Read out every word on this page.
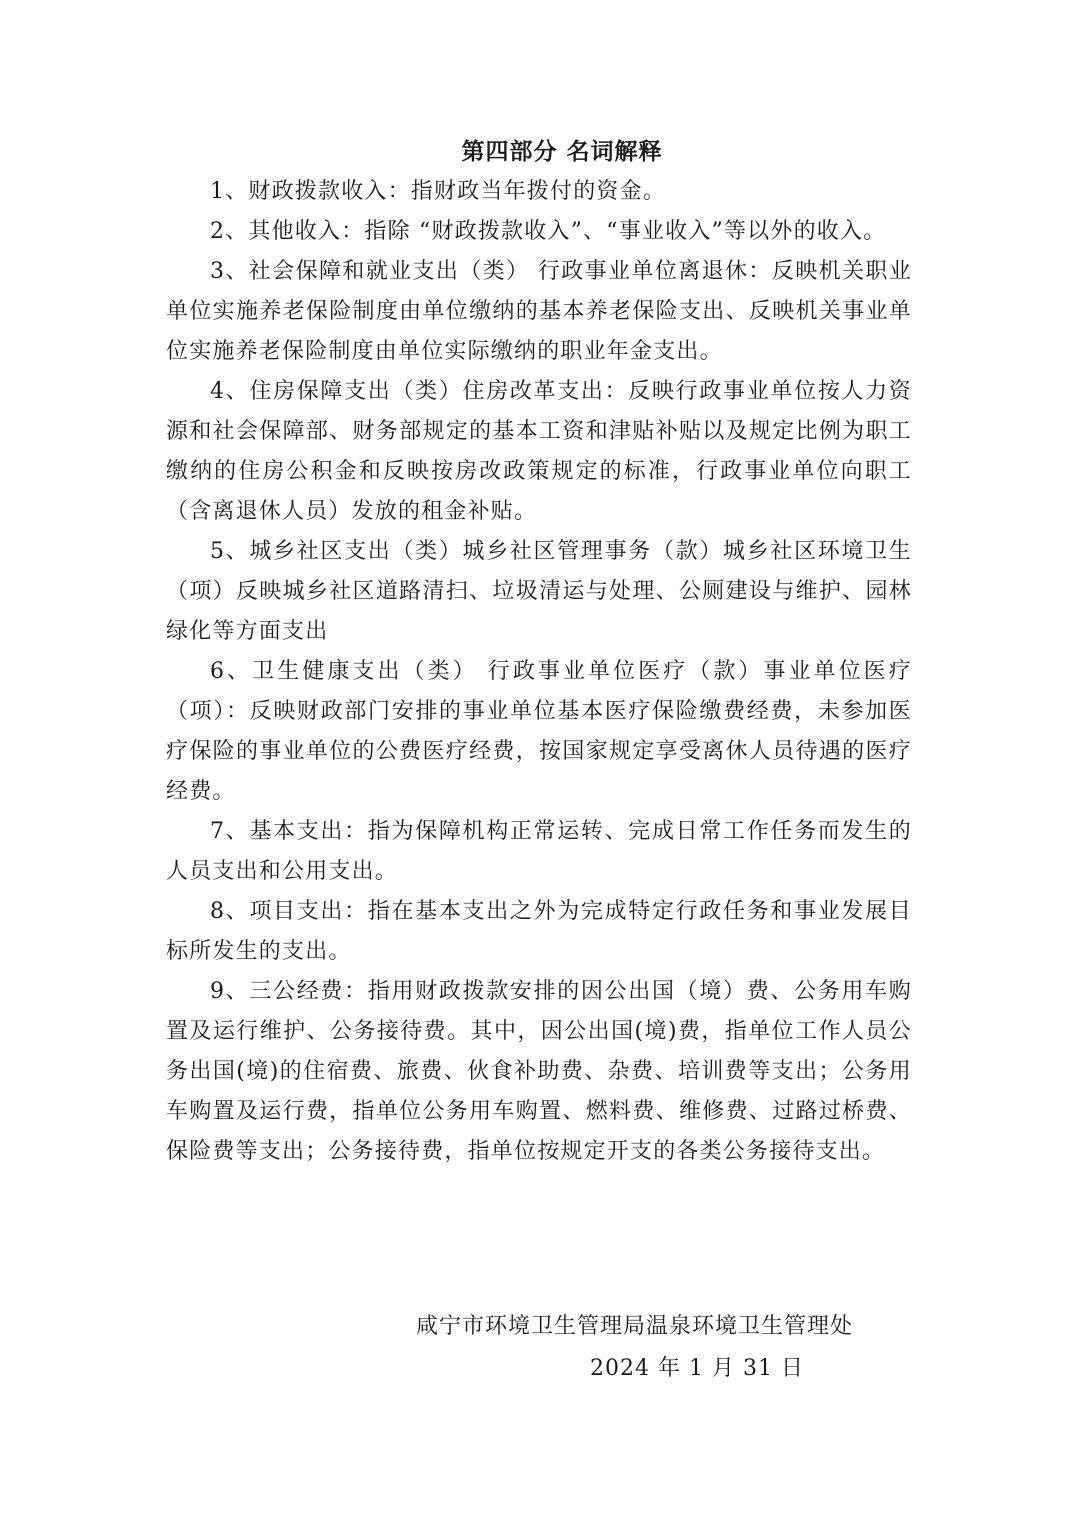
第四部分 名词解释

1、财政拨款收入：指财政当年拨付的资金。

2、其他收入：指除 “财政拨款收入”、“事业收入”等以外的收入。

3、社会保障和就业支出（类） 行政事业单位离退休：反映机关职业单位实施养老保险制度由单位缴纳的基本养老保险支出、反映机关事业单位实施养老保险制度由单位实际缴纳的职业年金支出。

4、住房保障支出（类）住房改革支出：反映行政事业单位按人力资源和社会保障部、财务部规定的基本工资和津贴补贴以及规定比例为职工缴纳的住房公积金和反映按房改政策规定的标准，行政事业单位向职工（含离退休人员）发放的租金补贴。

5、城乡社区支出（类）城乡社区管理事务（款）城乡社区环境卫生（项）反映城乡社区道路清扫、垃圾清运与处理、公厕建设与维护、园林绿化等方面支出

6、卫生健康支出（类） 行政事业单位医疗（款）事业单位医疗（项）：反映财政部门安排的事业单位基本医疗保险缴费经费，未参加医疗保险的事业单位的公费医疗经费，按国家规定享受离休人员待遇的医疗经费。

7、基本支出：指为保障机构正常运转、完成日常工作任务而发生的人员支出和公用支出。

8、项目支出：指在基本支出之外为完成特定行政任务和事业发展目标所发生的支出。

9、三公经费：指用财政拨款安排的因公出国（境）费、公务用车购置及运行维护、公务接待费。其中，因公出国(境)费，指单位工作人员公务出国(境)的住宿费、旅费、伙食补助费、杂费、培训费等支出；公务用车购置及运行费，指单位公务用车购置、燃料费、维修费、过路过桥费、保险费等支出；公务接待费，指单位按规定开支的各类公务接待支出。

咸宁市环境卫生管理局温泉环境卫生管理处
2024 年 1 月 31 日
